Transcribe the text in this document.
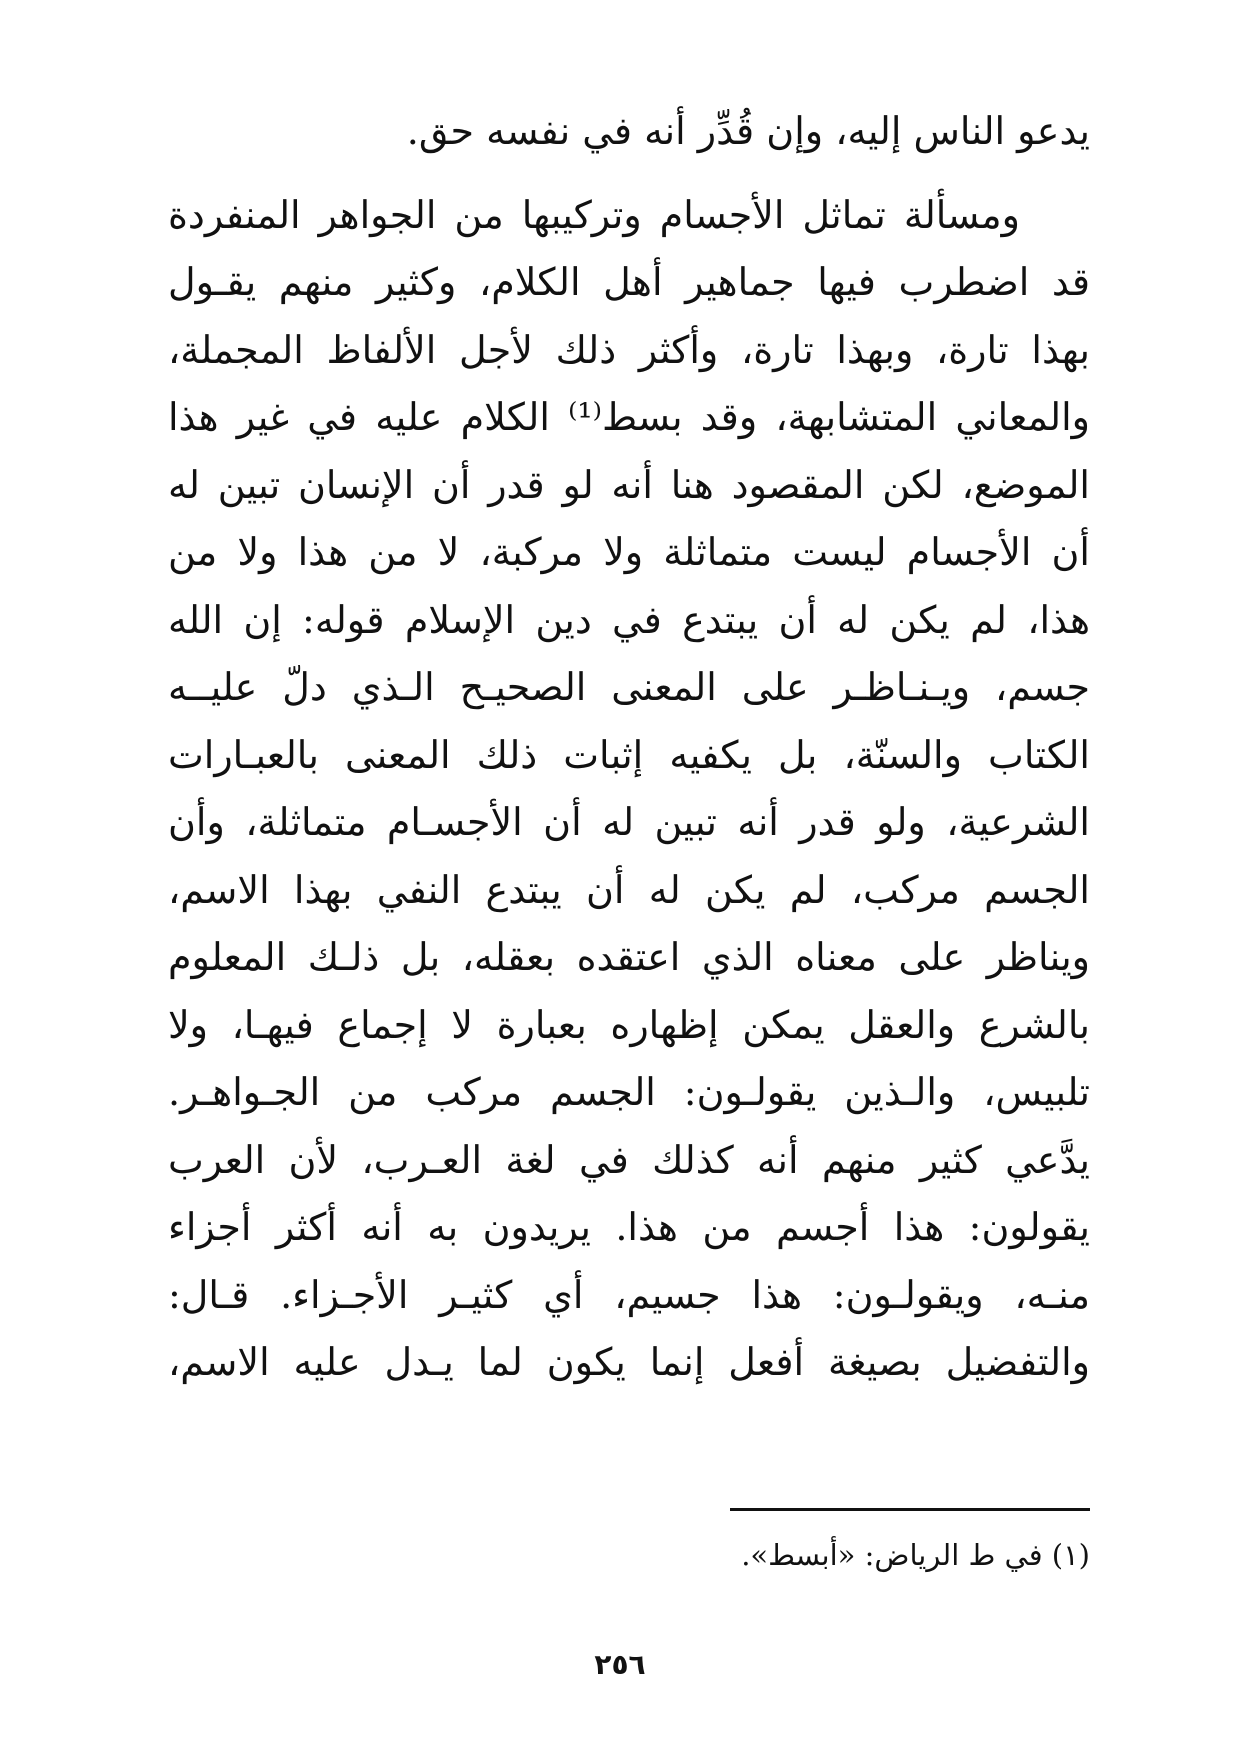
يدعو الناس إليه، وإن قُدِّر أنه في نفسه حق.
ومسألة تماثل الأجسام وتركيبها من الجواهر المنفردة
قد اضطرب فيها جماهير أهل الكلام، وكثير منهم يقـول
بهذا تارة، وبهذا تارة، وأكثر ذلك لأجل الألفاظ المجملة،
والمعاني المتشابهة، وقد بسط⁽¹⁾ الكلام عليه في غير هذا
الموضع، لكن المقصود هنا أنه لو قدر أن الإنسان تبين له
أن الأجسام ليست متماثلة ولا مركبة، لا من هذا ولا من
هذا، لم يكن له أن يبتدع في دين الإسلام قوله: إن الله
جسم، ويـنـاظـر على المعنى الصحيـح الـذي دلّ عليــه
الكتاب والسنّة، بل يكفيه إثبات ذلك المعنى بالعبـارات
الشرعية، ولو قدر أنه تبين له أن الأجسـام متماثلة، وأن
الجسم مركب، لم يكن له أن يبتدع النفي بهذا الاسم،
ويناظر على معناه الذي اعتقده بعقله، بل ذلـك المعلوم
بالشرع والعقل يمكن إظهاره بعبارة لا إجماع فيهـا، ولا
تلبيس، والـذين يقولـون: الجسم مركب من الجـواهـر.
يدَّعي كثير منهم أنه كذلك في لغة العـرب، لأن العرب
يقولون: هذا أجسم من هذا. يريدون به أنه أكثر أجزاء
منـه، ويقولـون: هذا جسيم، أي كثيـر الأجـزاء. قـال:
والتفضيل بصيغة أفعل إنما يكون لما يـدل عليه الاسم،
(١) في ط الرياض: «أبسط».
٢٥٦
